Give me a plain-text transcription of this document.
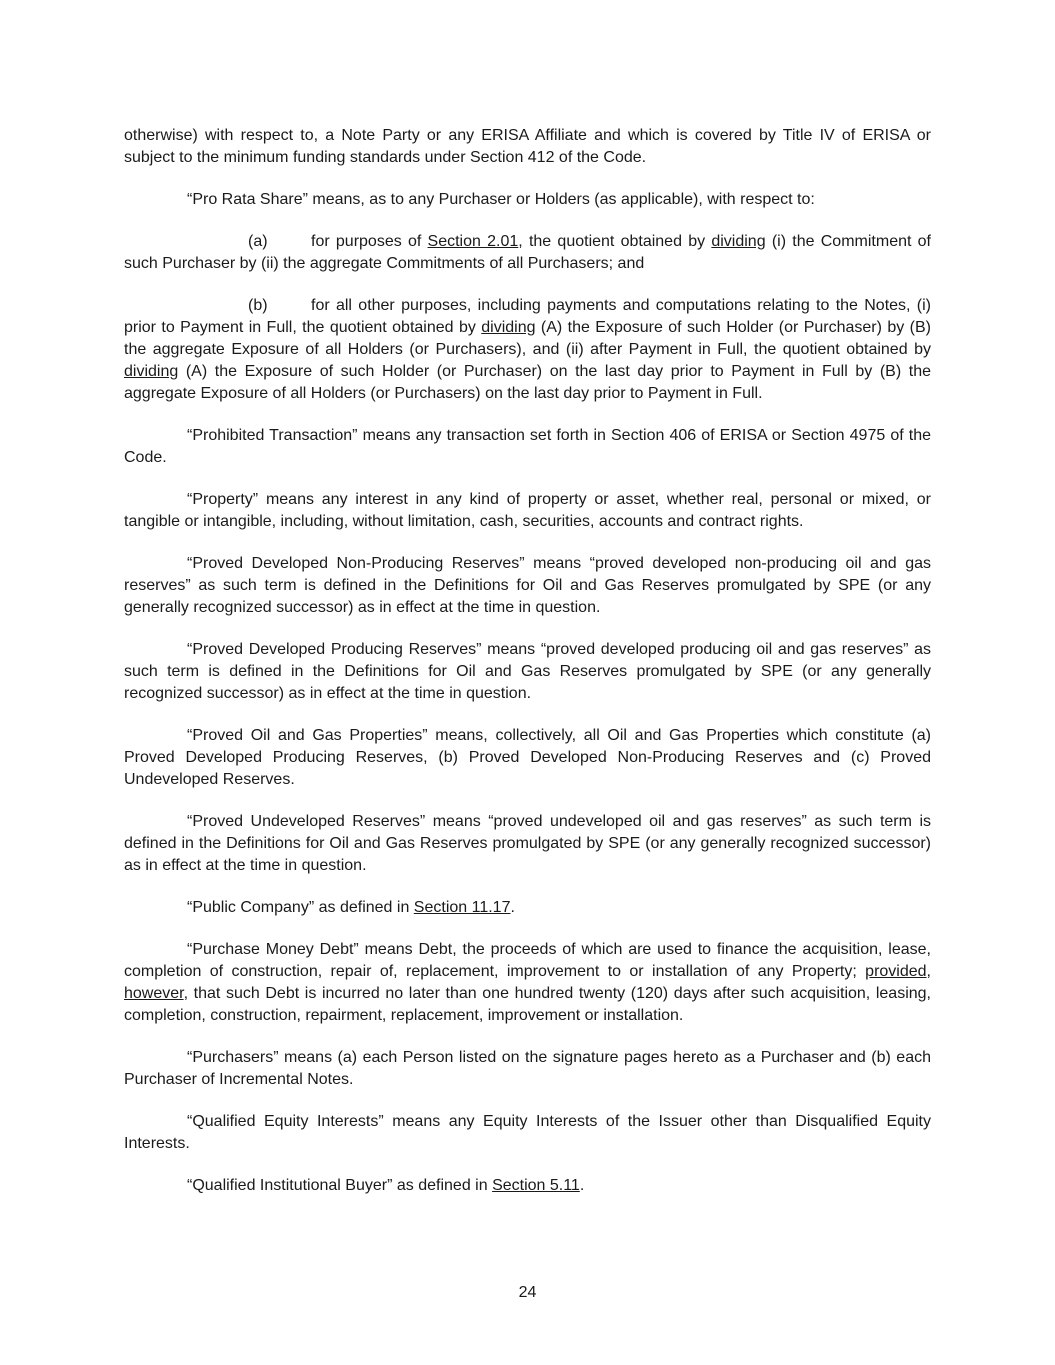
otherwise) with respect to, a Note Party or any ERISA Affiliate and which is covered by Title IV of ERISA or subject to the minimum funding standards under Section 412 of the Code.

“Pro Rata Share” means, as to any Purchaser or Holders (as applicable), with respect to:

(a)	for purposes of Section 2.01, the quotient obtained by dividing (i) the Commitment of such Purchaser by (ii) the aggregate Commitments of all Purchasers; and

(b)	for all other purposes, including payments and computations relating to the Notes, (i) prior to Payment in Full, the quotient obtained by dividing (A) the Exposure of such Holder (or Purchaser) by (B) the aggregate Exposure of all Holders (or Purchasers), and (ii) after Payment in Full, the quotient obtained by dividing (A) the Exposure of such Holder (or Purchaser) on the last day prior to Payment in Full by (B) the aggregate Exposure of all Holders (or Purchasers) on the last day prior to Payment in Full.

“Prohibited Transaction” means any transaction set forth in Section 406 of ERISA or Section 4975 of the Code.

“Property” means any interest in any kind of property or asset, whether real, personal or mixed, or tangible or intangible, including, without limitation, cash, securities, accounts and contract rights.

“Proved Developed Non-Producing Reserves” means “proved developed non-producing oil and gas reserves” as such term is defined in the Definitions for Oil and Gas Reserves promulgated by SPE (or any generally recognized successor) as in effect at the time in question.

“Proved Developed Producing Reserves” means “proved developed producing oil and gas reserves” as such term is defined in the Definitions for Oil and Gas Reserves promulgated by SPE (or any generally recognized successor) as in effect at the time in question.

“Proved Oil and Gas Properties” means, collectively, all Oil and Gas Properties which constitute (a) Proved Developed Producing Reserves, (b) Proved Developed Non-Producing Reserves and (c) Proved Undeveloped Reserves.

“Proved Undeveloped Reserves” means “proved undeveloped oil and gas reserves” as such term is defined in the Definitions for Oil and Gas Reserves promulgated by SPE (or any generally recognized successor) as in effect at the time in question.

“Public Company” as defined in Section 11.17.

“Purchase Money Debt” means Debt, the proceeds of which are used to finance the acquisition, lease, completion of construction, repair of, replacement, improvement to or installation of any Property; provided, however, that such Debt is incurred no later than one hundred twenty (120) days after such acquisition, leasing, completion, construction, repairment, replacement, improvement or installation.

“Purchasers” means (a) each Person listed on the signature pages hereto as a Purchaser and (b) each Purchaser of Incremental Notes.

“Qualified Equity Interests” means any Equity Interests of the Issuer other than Disqualified Equity Interests.

“Qualified Institutional Buyer” as defined in Section 5.11.

24
